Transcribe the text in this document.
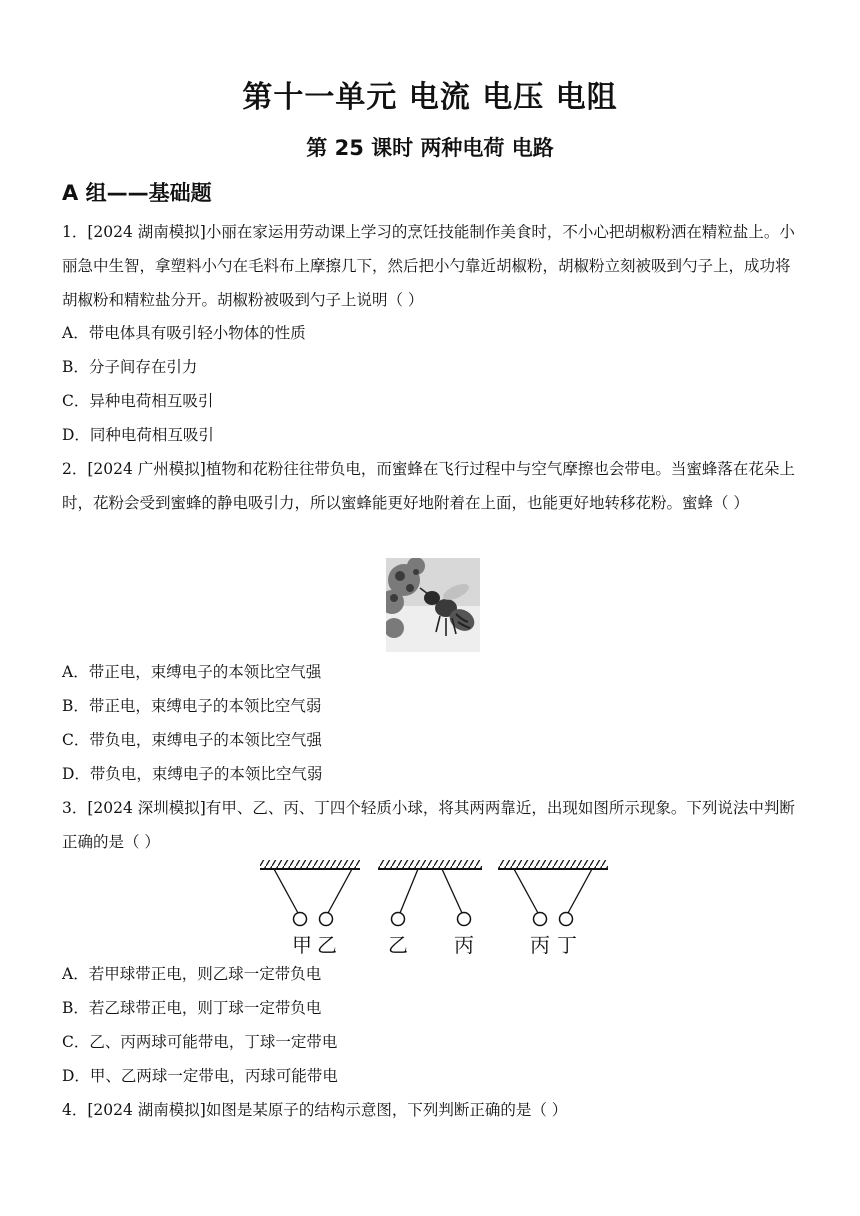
第十一单元 电流 电压 电阻
第 25 课时 两种电荷 电路
A 组——基础题
1．[2024 湖南模拟]小丽在家运用劳动课上学习的烹饪技能制作美食时，不小心把胡椒粉洒在精粒盐上。小丽急中生智，拿塑料小勺在毛料布上摩擦几下，然后把小勺靠近胡椒粉，胡椒粉立刻被吸到勺子上，成功将胡椒粉和精粒盐分开。胡椒粉被吸到勺子上说明（ ）
A．带电体具有吸引轻小物体的性质
B．分子间存在引力
C．异种电荷相互吸引
D．同种电荷相互吸引
2．[2024 广州模拟]植物和花粉往往带负电，而蜜蜂在飞行过程中与空气摩擦也会带电。当蜜蜂落在花朵上时，花粉会受到蜜蜂的静电吸引力，所以蜜蜂能更好地附着在上面，也能更好地转移花粉。蜜蜂（ ）
A．带正电，束缚电子的本领比空气强
B．带正电，束缚电子的本领比空气弱
C．带负电，束缚电子的本领比空气强
D．带负电，束缚电子的本领比空气弱
3．[2024 深圳模拟]有甲、乙、丙、丁四个轻质小球，将其两两靠近，出现如图所示现象。下列说法中判断正确的是（ ）
甲 乙	乙 丙	丙 丁
A．若甲球带正电，则乙球一定带负电
B．若乙球带正电，则丁球一定带负电
C．乙、丙两球可能带电，丁球一定带电
D．甲、乙两球一定带电，丙球可能带电
4．[2024 湖南模拟]如图是某原子的结构示意图，下列判断正确的是（ ）
